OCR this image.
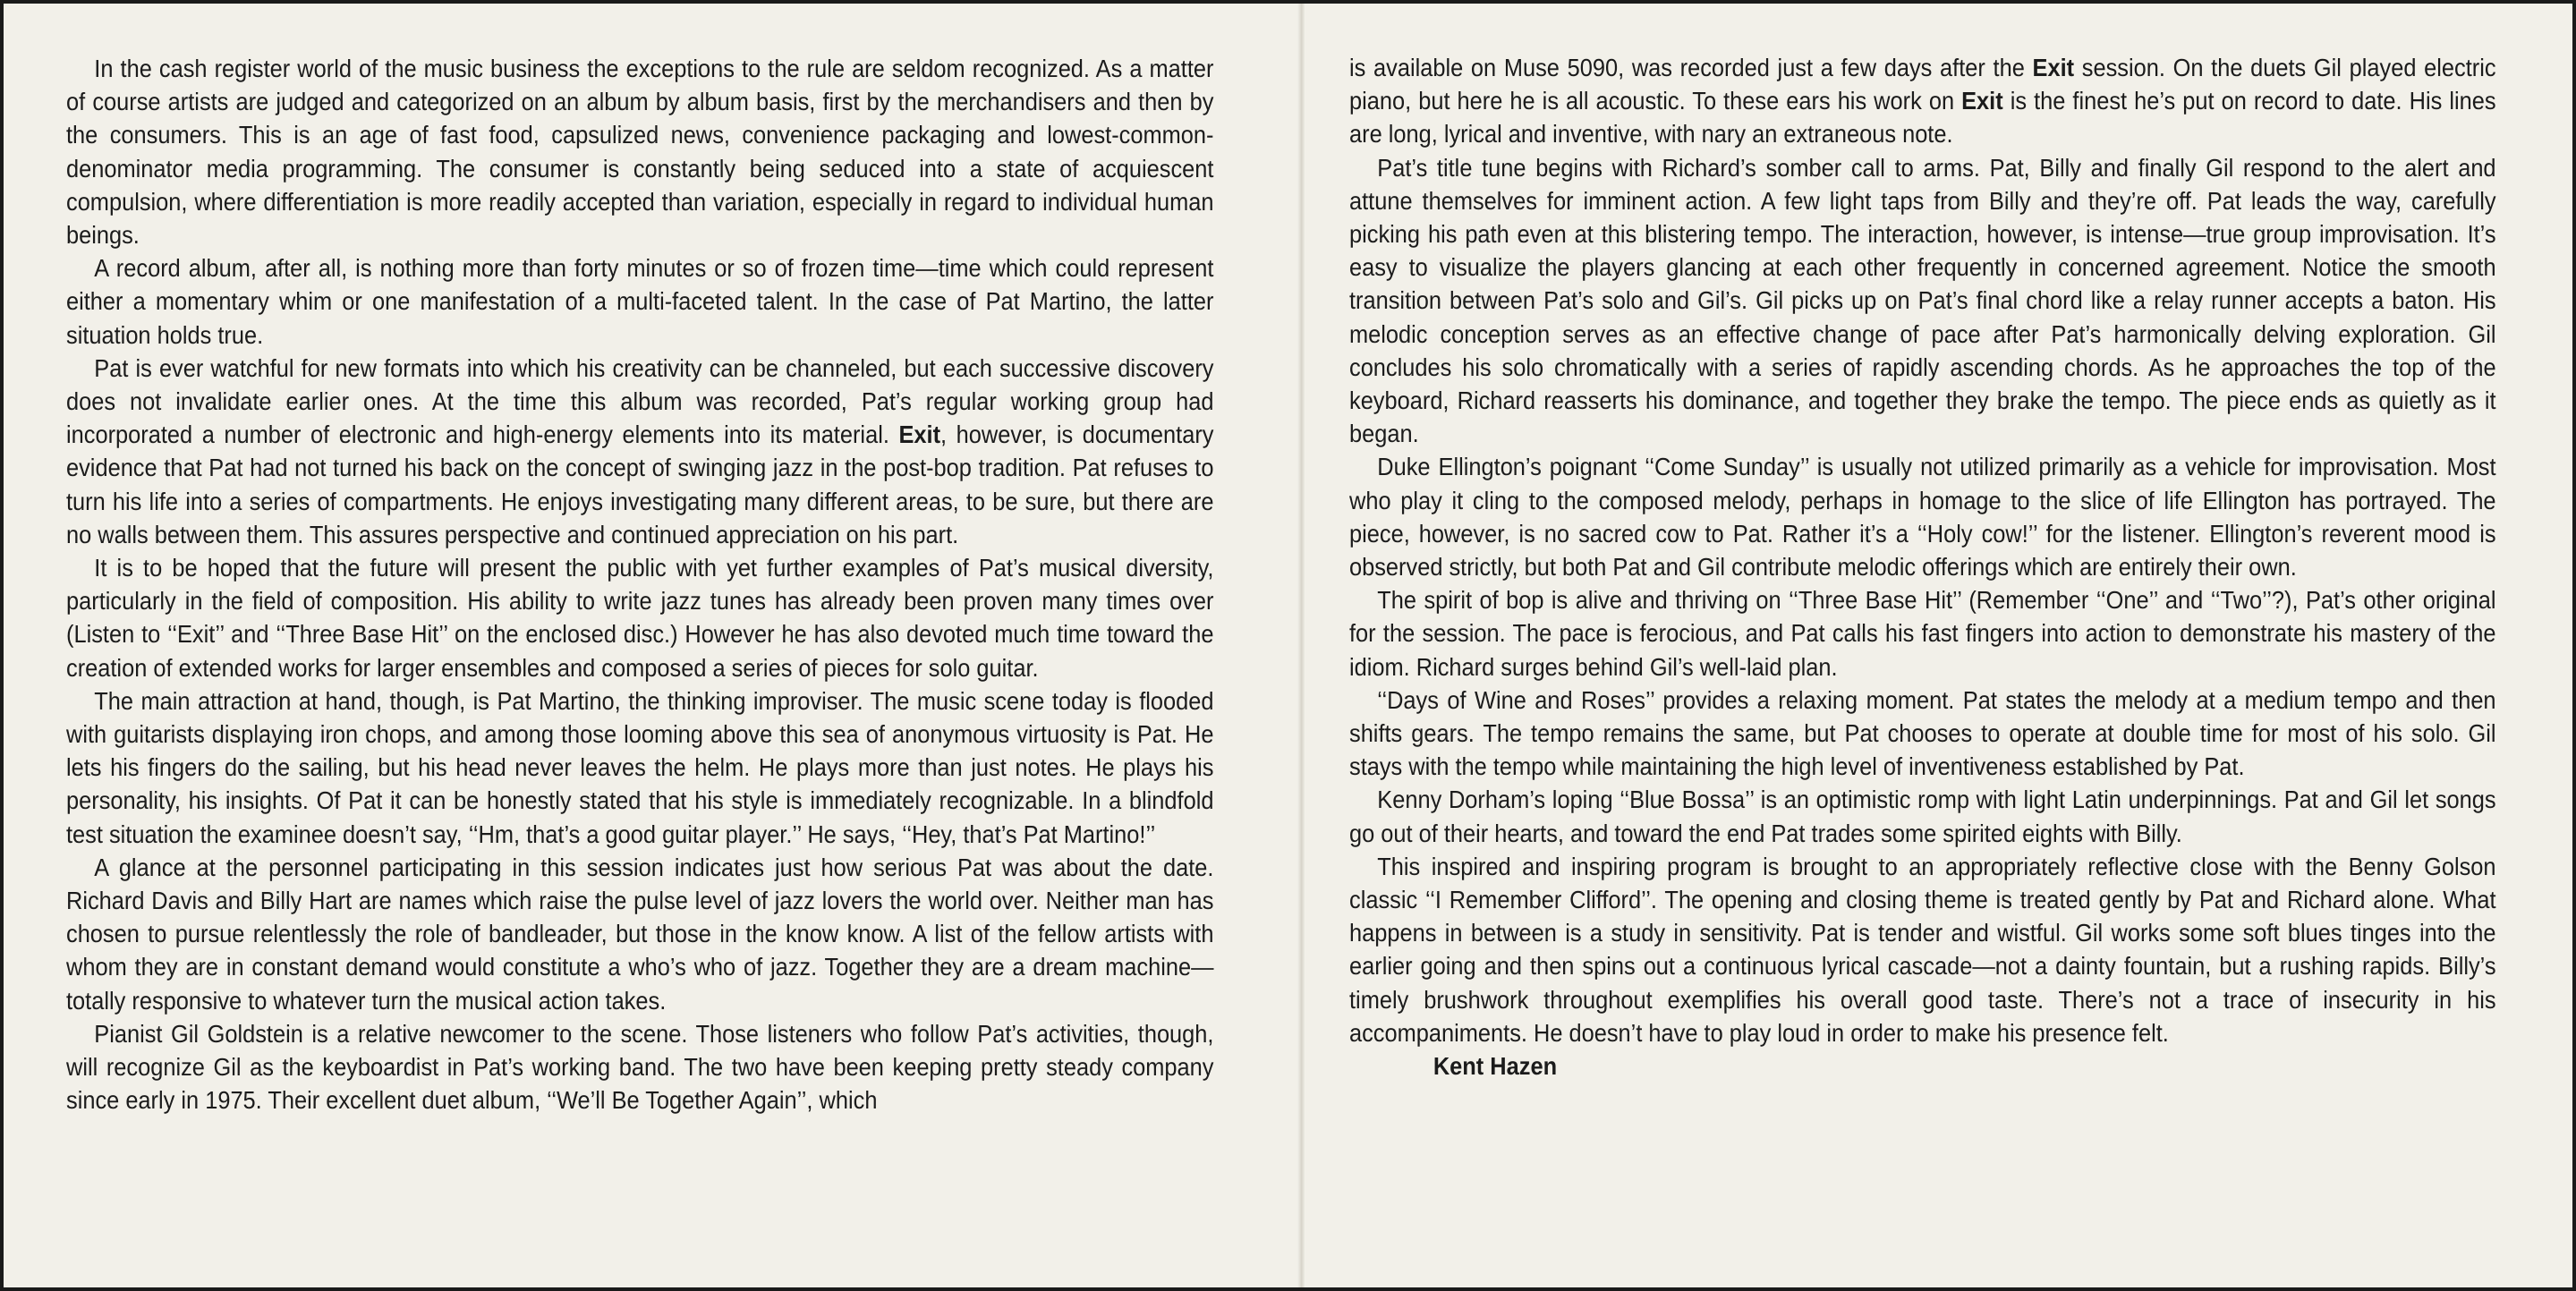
In the cash register world of the music business the exceptions to the rule are seldom recognized. As a matter of course artists are judged and categorized on an album by album basis, first by the merchandisers and then by the consumers. This is an age of fast food, capsulized news, convenience packaging and lowest-common-denominator media programming. The consumer is constantly being seduced into a state of acquiescent compulsion, where differentiation is more readily accepted than variation, especially in regard to individual human beings.

A record album, after all, is nothing more than forty minutes or so of frozen time—time which could represent either a momentary whim or one manifestation of a multi-faceted talent. In the case of Pat Martino, the latter situation holds true.

Pat is ever watchful for new formats into which his creativity can be channeled, but each successive discovery does not invalidate earlier ones. At the time this album was recorded, Pat’s regular working group had incorporated a number of electronic and high-energy elements into its material. Exit, however, is documentary evidence that Pat had not turned his back on the concept of swinging jazz in the post-bop tradition. Pat refuses to turn his life into a series of compartments. He enjoys investigating many different areas, to be sure, but there are no walls between them. This assures perspective and continued appreciation on his part.

It is to be hoped that the future will present the public with yet further examples of Pat’s musical diversity, particularly in the field of composition. His ability to write jazz tunes has already been proven many times over (Listen to ‘‘Exit’’ and ‘‘Three Base Hit’’ on the enclosed disc.) However he has also devoted much time toward the creation of extended works for larger ensembles and composed a series of pieces for solo guitar.

The main attraction at hand, though, is Pat Martino, the thinking improviser. The music scene today is flooded with guitarists displaying iron chops, and among those looming above this sea of anonymous virtuosity is Pat. He lets his fingers do the sailing, but his head never leaves the helm. He plays more than just notes. He plays his personality, his insights. Of Pat it can be honestly stated that his style is immediately recognizable. In a blindfold test situation the examinee doesn’t say, ‘‘Hm, that’s a good guitar player.’’ He says, ‘‘Hey, that’s Pat Martino!’’

A glance at the personnel participating in this session indicates just how serious Pat was about the date. Richard Davis and Billy Hart are names which raise the pulse level of jazz lovers the world over. Neither man has chosen to pursue relentlessly the role of bandleader, but those in the know know. A list of the fellow artists with whom they are in constant demand would constitute a who’s who of jazz. Together they are a dream machine—totally responsive to whatever turn the musical action takes.

Pianist Gil Goldstein is a relative newcomer to the scene. Those listeners who follow Pat’s activities, though, will recognize Gil as the keyboardist in Pat’s working band. The two have been keeping pretty steady company since early in 1975. Their excellent duet album, ‘‘We’ll Be Together Again’’, which

is available on Muse 5090, was recorded just a few days after the Exit session. On the duets Gil played electric piano, but here he is all acoustic. To these ears his work on Exit is the finest he’s put on record to date. His lines are long, lyrical and inventive, with nary an extraneous note.

Pat’s title tune begins with Richard’s somber call to arms. Pat, Billy and finally Gil respond to the alert and attune themselves for imminent action. A few light taps from Billy and they’re off. Pat leads the way, carefully picking his path even at this blistering tempo. The interaction, however, is intense—true group improvisation. It’s easy to visualize the players glancing at each other frequently in concerned agreement. Notice the smooth transition between Pat’s solo and Gil’s. Gil picks up on Pat’s final chord like a relay runner accepts a baton. His melodic conception serves as an effective change of pace after Pat’s harmonically delving exploration. Gil concludes his solo chromatically with a series of rapidly ascending chords. As he approaches the top of the keyboard, Richard reasserts his dominance, and together they brake the tempo. The piece ends as quietly as it began.

Duke Ellington’s poignant ‘‘Come Sunday’’ is usually not utilized primarily as a vehicle for improvisation. Most who play it cling to the composed melody, perhaps in homage to the slice of life Ellington has portrayed. The piece, however, is no sacred cow to Pat. Rather it’s a ‘‘Holy cow!’’ for the listener. Ellington’s reverent mood is observed strictly, but both Pat and Gil contribute melodic offerings which are entirely their own.

The spirit of bop is alive and thriving on ‘‘Three Base Hit’’ (Remember ‘‘One’’ and ‘‘Two’’?), Pat’s other original for the session. The pace is ferocious, and Pat calls his fast fingers into action to demonstrate his mastery of the idiom. Richard surges behind Gil’s well-laid plan.

‘‘Days of Wine and Roses’’ provides a relaxing moment. Pat states the melody at a medium tempo and then shifts gears. The tempo remains the same, but Pat chooses to operate at double time for most of his solo. Gil stays with the tempo while maintaining the high level of inventiveness established by Pat.

Kenny Dorham’s loping ‘‘Blue Bossa’’ is an optimistic romp with light Latin underpinnings. Pat and Gil let songs go out of their hearts, and toward the end Pat trades some spirited eights with Billy.

This inspired and inspiring program is brought to an appropriately reflective close with the Benny Golson classic ‘‘I Remember Clifford’’. The opening and closing theme is treated gently by Pat and Richard alone. What happens in between is a study in sensitivity. Pat is tender and wistful. Gil works some soft blues tinges into the earlier going and then spins out a continuous lyrical cascade—not a dainty fountain, but a rushing rapids. Billy’s timely brushwork throughout exemplifies his overall good taste. There’s not a trace of insecurity in his accompaniments. He doesn’t have to play loud in order to make his presence felt.

Kent Hazen
